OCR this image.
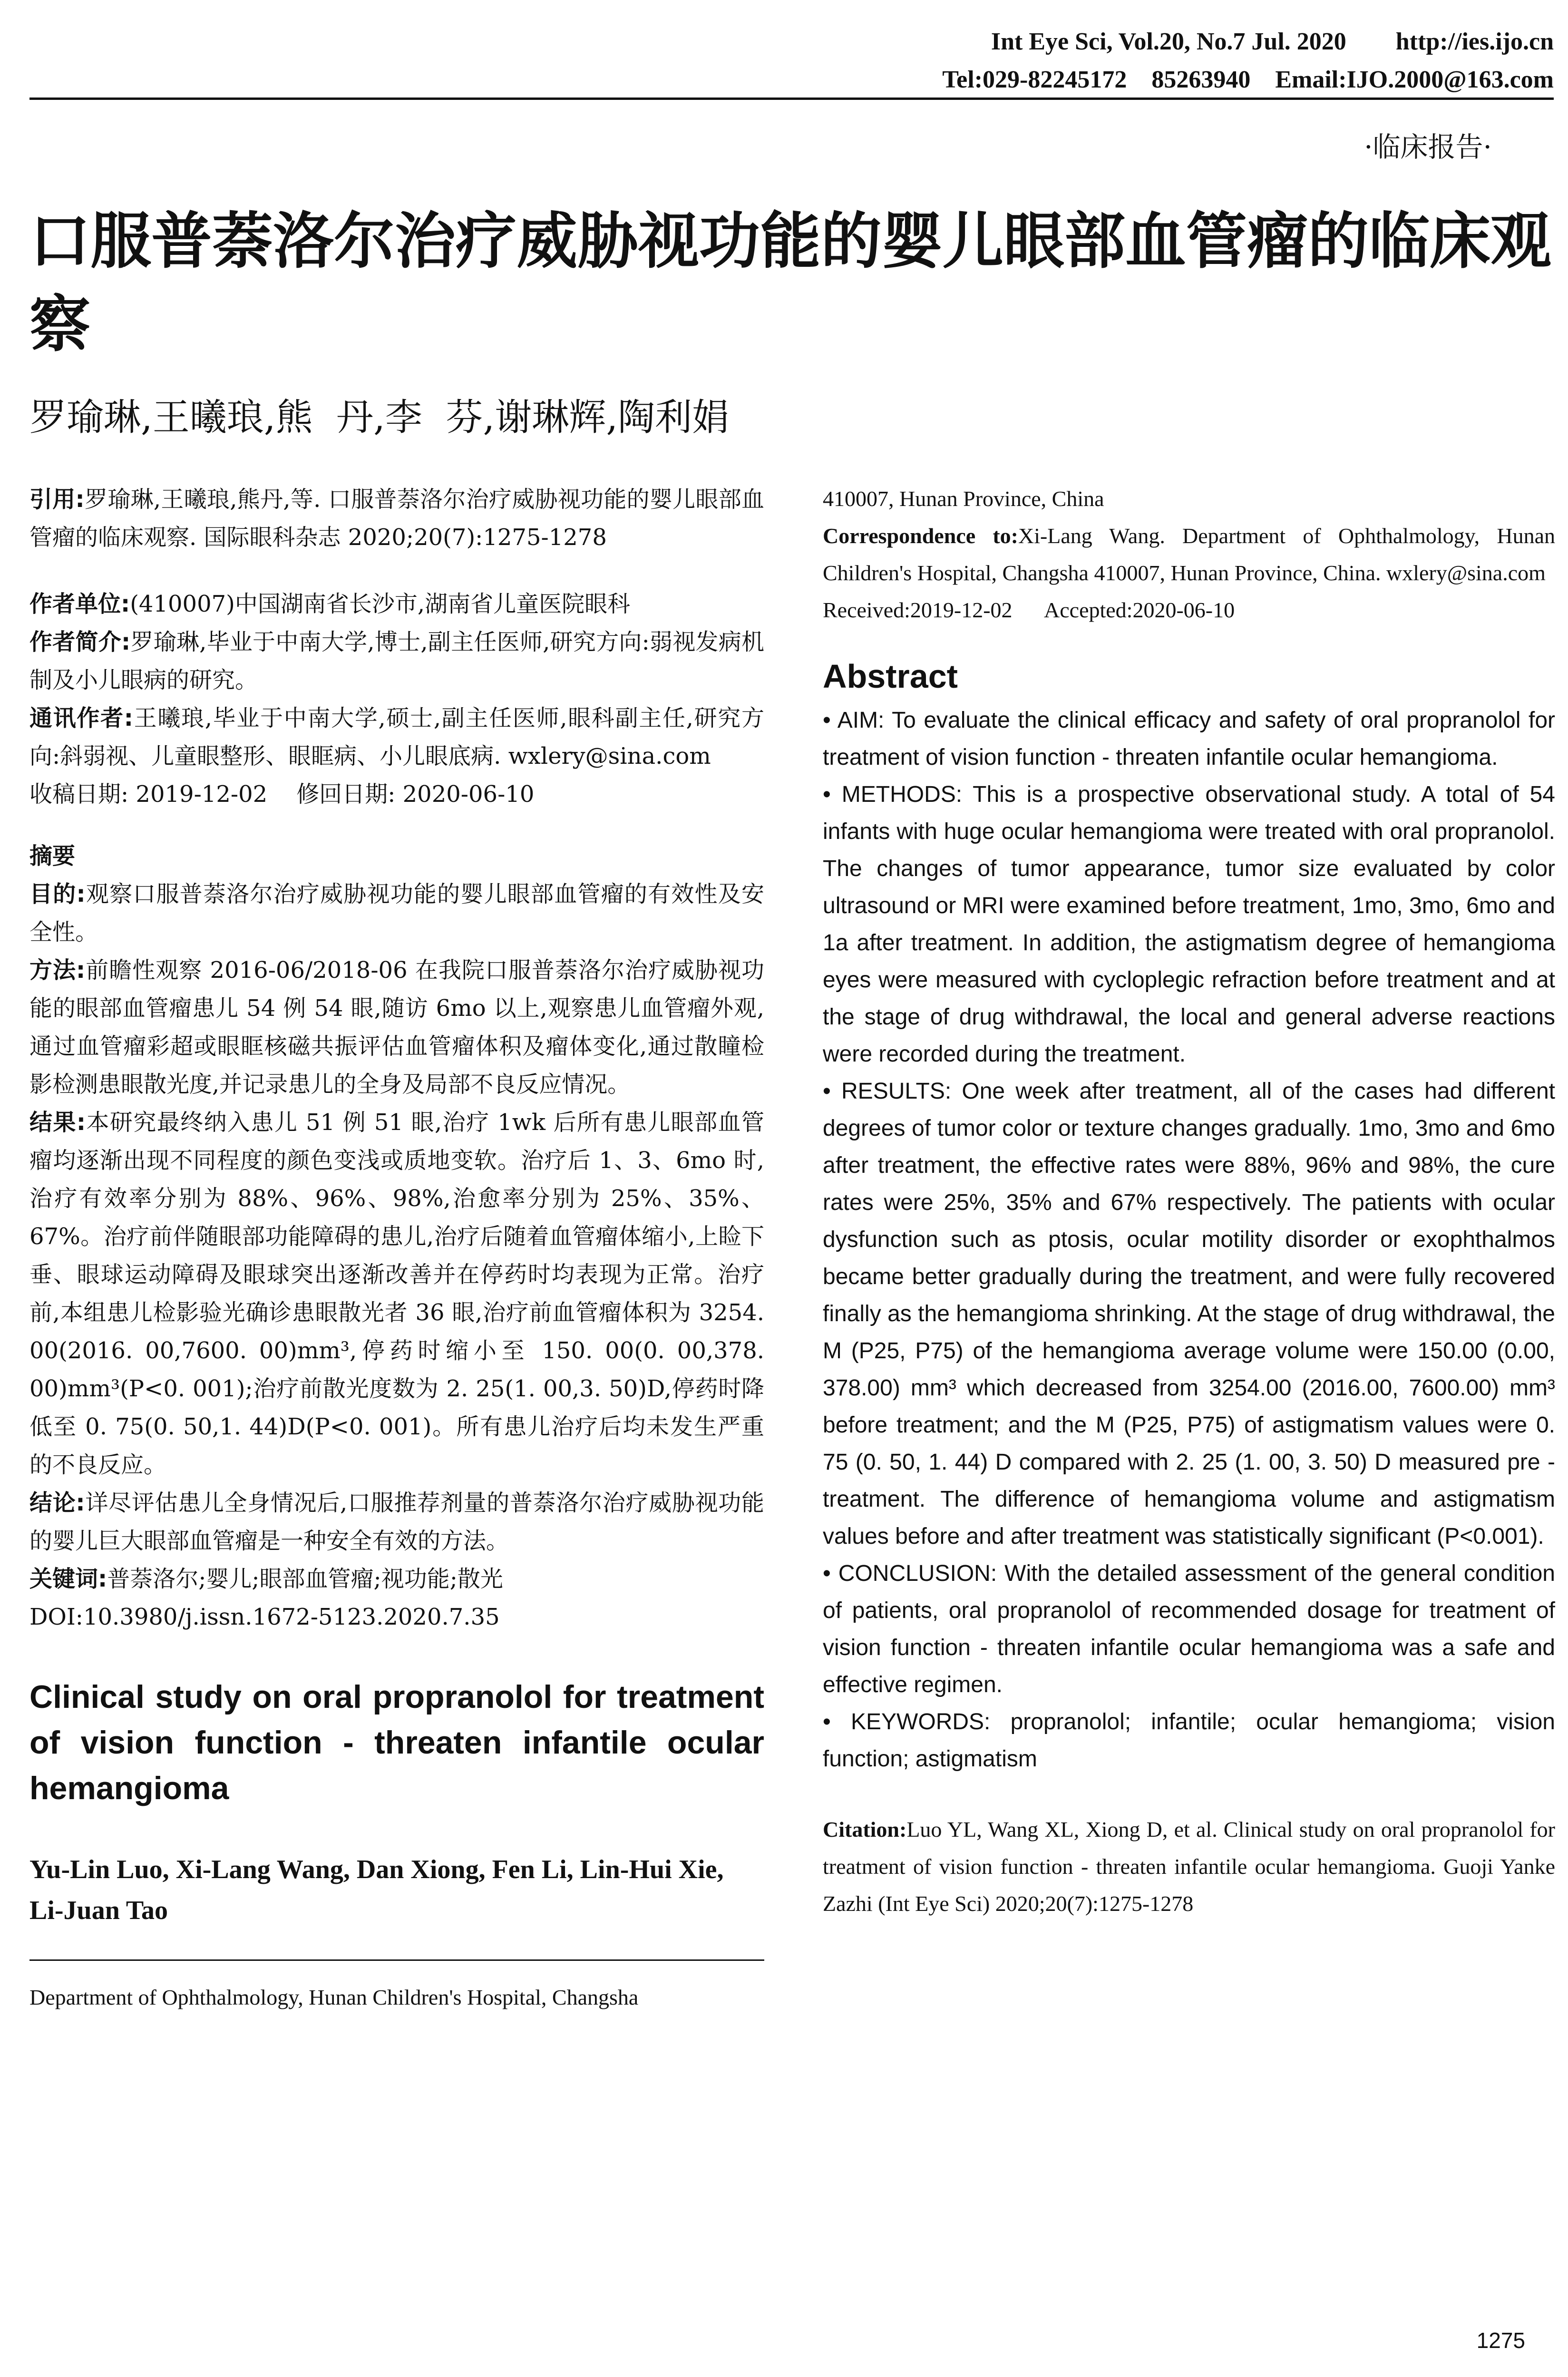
Int Eye Sci, Vol.20, No.7 Jul. 2020        http://ies.ijo.cn
Tel:029-82245172    85263940    Email:IJO.2000@163.com
·临床报告·
口服普萘洛尔治疗威胁视功能的婴儿眼部血管瘤的临床观察
罗瑜琳,王曦琅,熊  丹,李  芬,谢琳辉,陶利娟

引用:罗瑜琳,王曦琅,熊丹,等. 口服普萘洛尔治疗威胁视功能的婴儿眼部血管瘤的临床观察. 国际眼科杂志 2020;20(7):1275-1278

作者单位:(410007)中国湖南省长沙市,湖南省儿童医院眼科

作者简介:罗瑜琳,毕业于中南大学,博士,副主任医师,研究方向:弱视发病机制及小儿眼病的研究。

通讯作者:王曦琅,毕业于中南大学,硕士,副主任医师,眼科副主任,研究方向:斜弱视、儿童眼整形、眼眶病、小儿眼底病. wxlery@sina.com

收稿日期: 2019-12-02    修回日期: 2020-06-10

摘要

目的:观察口服普萘洛尔治疗威胁视功能的婴儿眼部血管瘤的有效性及安全性。

方法:前瞻性观察 2016-06/2018-06 在我院口服普萘洛尔治疗威胁视功能的眼部血管瘤患儿 54 例 54 眼,随访 6mo 以上,观察患儿血管瘤外观,通过血管瘤彩超或眼眶核磁共振评估血管瘤体积及瘤体变化,通过散瞳检影检测患眼散光度,并记录患儿的全身及局部不良反应情况。

结果:本研究最终纳入患儿 51 例 51 眼,治疗 1wk 后所有患儿眼部血管瘤均逐渐出现不同程度的颜色变浅或质地变软。治疗后 1、3、6mo 时,治疗有效率分别为 88%、96%、98%,治愈率分别为 25%、35%、67%。治疗前伴随眼部功能障碍的患儿,治疗后随着血管瘤体缩小,上睑下垂、眼球运动障碍及眼球突出逐渐改善并在停药时均表现为正常。治疗前,本组患儿检影验光确诊患眼散光者 36 眼,治疗前血管瘤体积为 3254. 00(2016. 00,7600. 00)mm³,停药时缩小至 150. 00(0. 00,378. 00)mm³(P<0. 001);治疗前散光度数为 2. 25(1. 00,3. 50)D,停药时降低至 0. 75(0. 50,1. 44)D(P<0. 001)。所有患儿治疗后均未发生严重的不良反应。

结论:详尽评估患儿全身情况后,口服推荐剂量的普萘洛尔治疗威胁视功能的婴儿巨大眼部血管瘤是一种安全有效的方法。

关键词:普萘洛尔;婴儿;眼部血管瘤;视功能;散光

DOI:10.3980/j.issn.1672-5123.2020.7.35

Clinical study on oral propranolol for treatment of vision function - threaten infantile ocular hemangioma
Yu-Lin Luo, Xi-Lang Wang, Dan Xiong, Fen Li, Lin-Hui Xie, Li-Juan Tao
Department of Ophthalmology, Hunan Children's Hospital, Changsha

410007, Hunan Province, China

Correspondence to:Xi-Lang Wang. Department of Ophthalmology, Hunan Children's Hospital, Changsha 410007, Hunan Province, China. wxlery@sina.com

Received:2019-12-02      Accepted:2020-06-10

Abstract

• AIM: To evaluate the clinical efficacy and safety of oral propranolol for treatment of vision function - threaten infantile ocular hemangioma.

• METHODS: This is a prospective observational study. A total of 54 infants with huge ocular hemangioma were treated with oral propranolol. The changes of tumor appearance, tumor size evaluated by color ultrasound or MRI were examined before treatment, 1mo, 3mo, 6mo and 1a after treatment. In addition, the astigmatism degree of hemangioma eyes were measured with cycloplegic refraction before treatment and at the stage of drug withdrawal, the local and general adverse reactions were recorded during the treatment.

• RESULTS: One week after treatment, all of the cases had different degrees of tumor color or texture changes gradually. 1mo, 3mo and 6mo after treatment, the effective rates were 88%, 96% and 98%, the cure rates were 25%, 35% and 67% respectively. The patients with ocular dysfunction such as ptosis, ocular motility disorder or exophthalmos became better gradually during the treatment, and were fully recovered finally as the hemangioma shrinking. At the stage of drug withdrawal, the M (P25, P75) of the hemangioma average volume were 150.00 (0.00, 378.00) mm³ which decreased from 3254.00 (2016.00, 7600.00) mm³ before treatment; and the M (P25, P75) of astigmatism values were 0. 75 (0. 50, 1. 44) D compared with 2. 25 (1. 00, 3. 50) D measured pre - treatment. The difference of hemangioma volume and astigmatism values before and after treatment was statistically significant (P<0.001).

• CONCLUSION: With the detailed assessment of the general condition of patients, oral propranolol of recommended dosage for treatment of vision function - threaten infantile ocular hemangioma was a safe and effective regimen.

• KEYWORDS: propranolol; infantile; ocular hemangioma; vision function; astigmatism

Citation:Luo YL, Wang XL, Xiong D, et al. Clinical study on oral propranolol for treatment of vision function - threaten infantile ocular hemangioma. Guoji Yanke Zazhi (Int Eye Sci) 2020;20(7):1275-1278

1275
